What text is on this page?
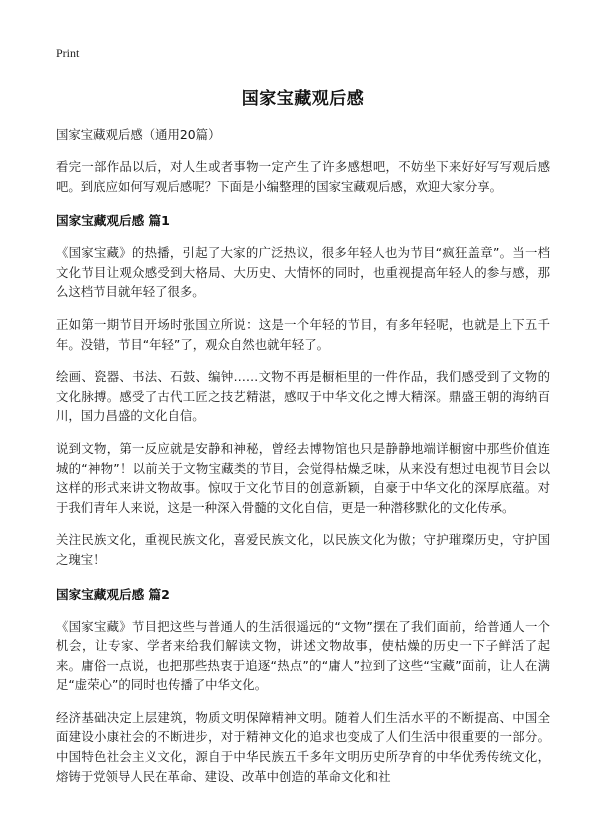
Print
国家宝藏观后感
国家宝藏观后感（通用20篇）

看完一部作品以后，对人生或者事物一定产生了许多感想吧，不妨坐下来好好写写观后感吧。到底应如何写观后感呢？下面是小编整理的国家宝藏观后感，欢迎大家分享。

国家宝藏观后感 篇1

《国家宝藏》的热播，引起了大家的广泛热议，很多年轻人也为节目“疯狂盖章”。当一档文化节目让观众感受到大格局、大历史、大情怀的同时，也重视提高年轻人的参与感，那么这档节目就年轻了很多。

正如第一期节目开场时张国立所说：这是一个年轻的节目，有多年轻呢，也就是上下五千年。没错，节目“年轻”了，观众自然也就年轻了。

绘画、瓷器、书法、石鼓、编钟……文物不再是橱柜里的一件作品，我们感受到了文物的文化脉搏。感受了古代工匠之技艺精湛，感叹于中华文化之博大精深。鼎盛王朝的海纳百川，国力昌盛的文化自信。

说到文物，第一反应就是安静和神秘，曾经去博物馆也只是静静地端详橱窗中那些价值连城的“神物”！以前关于文物宝藏类的节目，会觉得枯燥乏味，从来没有想过电视节目会以这样的形式来讲文物故事。惊叹于文化节目的创意新颖，自豪于中华文化的深厚底蕴。对于我们青年人来说，这是一种深入骨髓的文化自信，更是一种潜移默化的文化传承。

关注民族文化，重视民族文化，喜爱民族文化，以民族文化为傲；守护璀璨历史，守护国之瑰宝！

国家宝藏观后感 篇2

《国家宝藏》节目把这些与普通人的生活很遥远的“文物”摆在了我们面前，给普通人一个机会，让专家、学者来给我们解读文物，讲述文物故事，使枯燥的历史一下子鲜活了起来。庸俗一点说，也把那些热衷于追逐“热点”的“庸人”拉到了这些“宝藏”面前，让人在满足“虚荣心”的同时也传播了中华文化。

经济基础决定上层建筑，物质文明保障精神文明。随着人们生活水平的不断提高、中国全面建设小康社会的不断进步，对于精神文化的追求也变成了人们生活中很重要的一部分。中国特色社会主义文化，源自于中华民族五千多年文明历史所孕育的中华优秀传统文化，熔铸于党领导人民在革命、建设、改革中创造的革命文化和社
